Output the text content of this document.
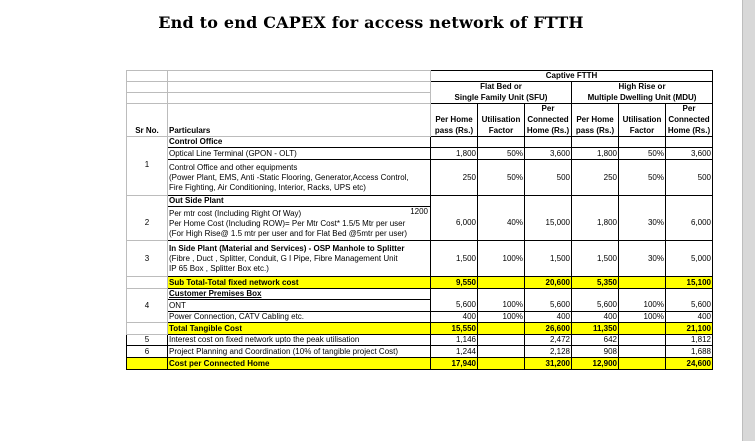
End to end CAPEX for access network of FTTH
		Captive FTTH					
		Flat Bed or			High Rise or		
		Single Family Unit (SFU)			Multiple Dwelling Unit (MDU)		
				Per			Per
		Per Home	Utilisation	Connected	Per Home	Utilisation	Connected
Sr No.	Particulars	pass (Rs.)	Factor	Home (Rs.)	pass (Rs.)	Factor	Home (Rs.)
	Control Office						
	Optical Line Terminal (GPON - OLT)	1,800	50%	3,600	1,800	50%	3,600
1	Control Office and other equipments
(Power Plant, EMS, Anti -Static Flooring, Generator,Access Control,
Fire Fighting, Air Conditioning, Interior, Racks, UPS etc)	250	50%	500	250	50%	500
	Out Side Plant						
2	Per mtr cost (Including Right Of Way) 1200
Per Home Cost (Including ROW)= Per Mtr Cost* 1.5/5 Mtr per user
(For High Rise@ 1.5 mtr per user and for Flat Bed @5mtr per user)	6,000	40%	15,000	1,800	30%	6,000
3	In Side Plant (Material and Services) - OSP Manhole to Splitter
(Fibre , Duct , Splitter, Conduit, G I Pipe, Fibre Management Unit
IP 65 Box , Splitter Box etc.)	1,500	100%	1,500	1,500	30%	5,000
	Sub Total-Total fixed network cost	9,550		20,600	5,350		15,100
	Customer Premises Box						
4	ONT	5,600	100%	5,600	5,600	100%	5,600
	Power Connection, CATV Cabling etc.	400	100%	400	400	100%	400
	Total Tangible Cost	15,550		26,600	11,350		21,100
5	Interest cost on fixed network upto the peak utilisation	1,146		2,472	642		1,812
6	Project Planning and Coordination (10% of tangible project Cost)	1,244		2,128	908		1,688
	Cost per Connected Home	17,940		31,200	12,900		24,600
